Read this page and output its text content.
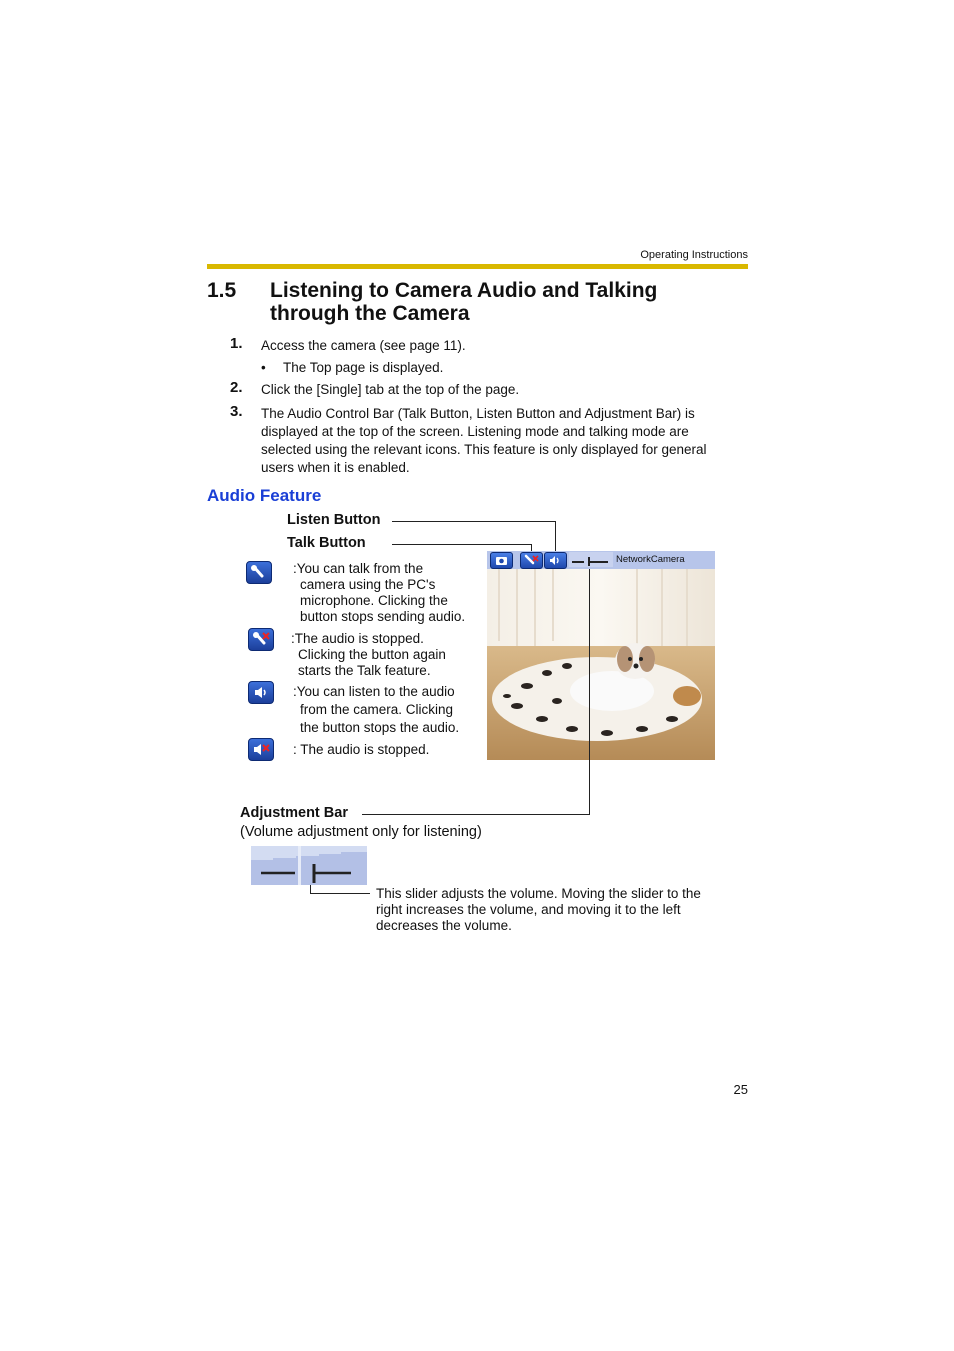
Operating Instructions
1.5 Listening to Camera Audio and Talking through the Camera
1. Access the camera (see page 11).
• The Top page is displayed.
2. Click the [Single] tab at the top of the page.
3. The Audio Control Bar (Talk Button, Listen Button and Adjustment Bar) is
displayed at the top of the screen. Listening mode and talking mode are
selected using the relevant icons. This feature is only displayed for general
users when it is enabled.
Audio Feature
Listen Button
Talk Button
:You can talk from the
camera using the PC's
microphone. Clicking the
button stops sending audio.
:The audio is stopped.
Clicking the button again
starts the Talk feature.
:You can listen to the audio
from the camera. Clicking
the button stops the audio.
: The audio is stopped.
NetworkCamera
Adjustment Bar
(Volume adjustment only for listening)
This slider adjusts the volume. Moving the slider to the
right increases the volume, and moving it to the left
decreases the volume.
25
